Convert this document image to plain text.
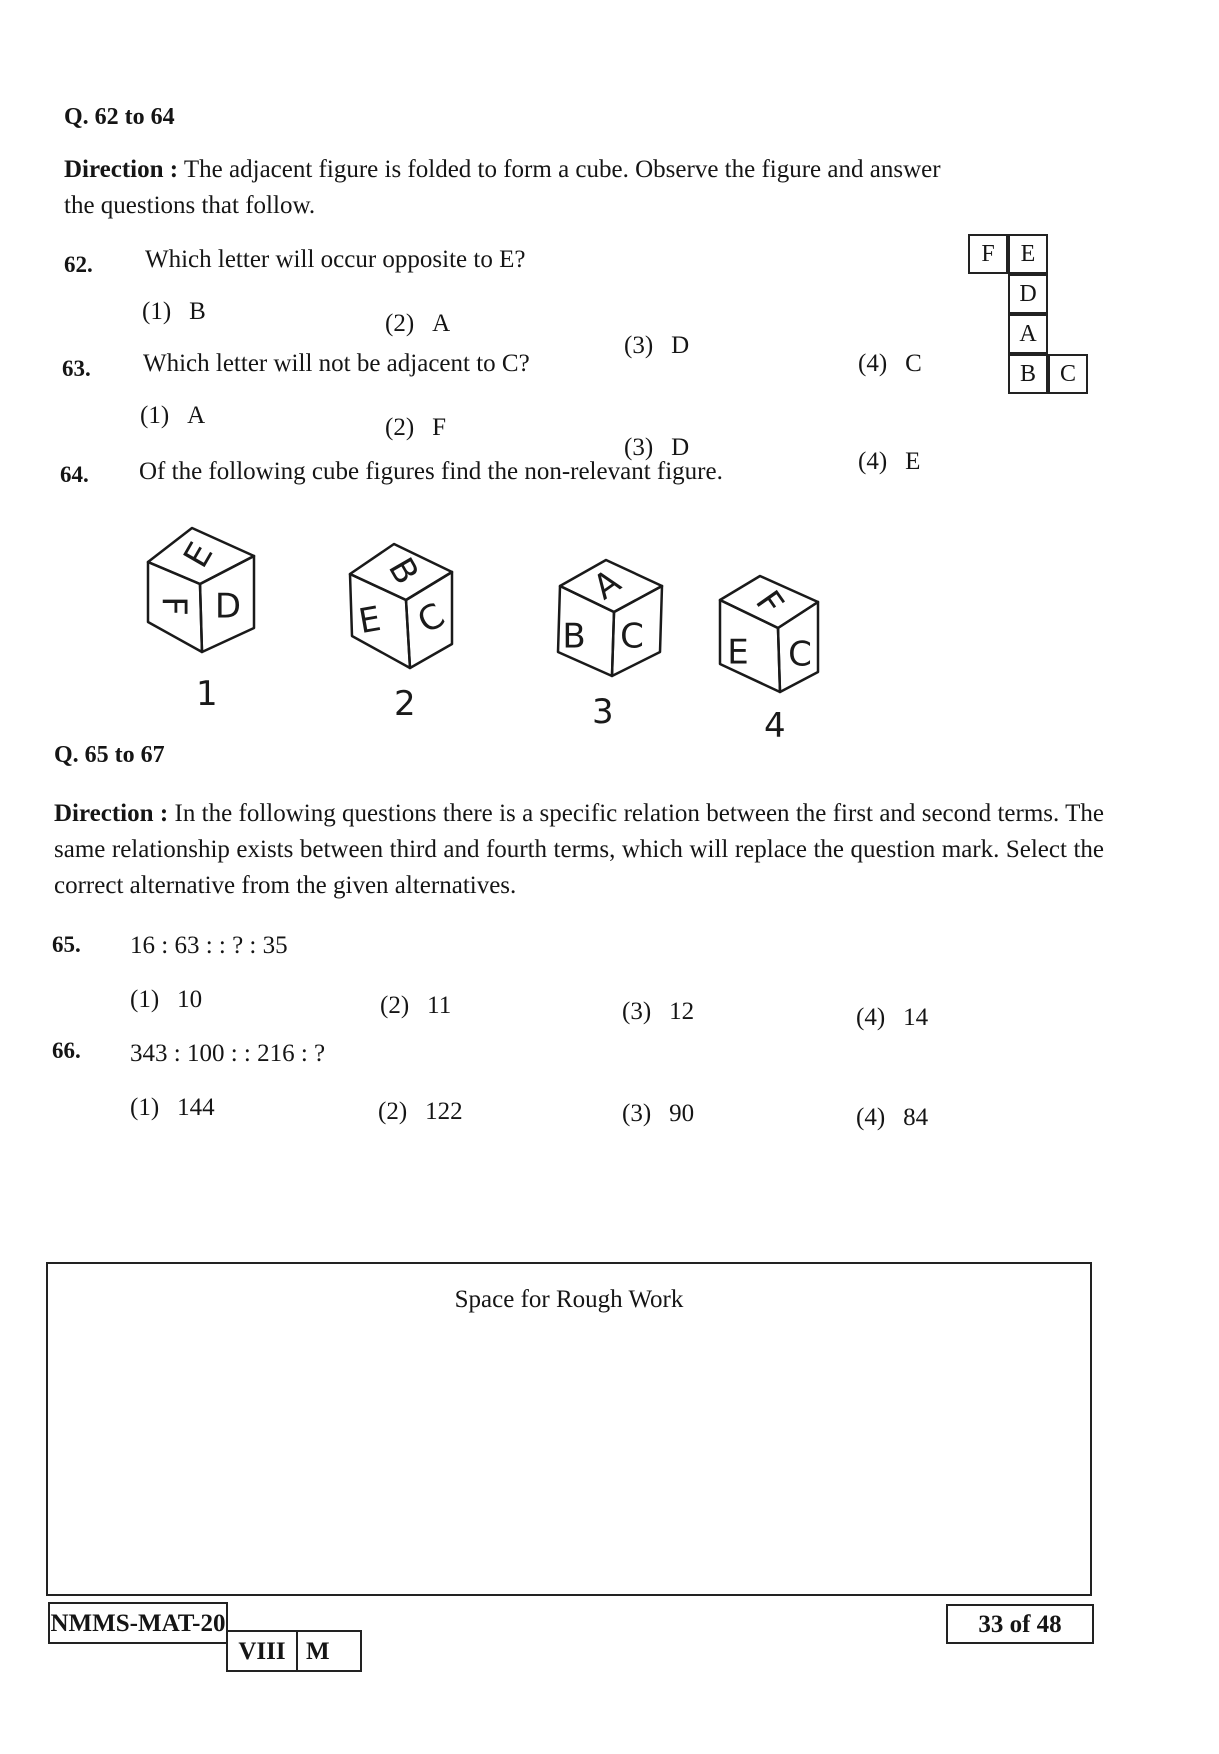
Q. 62 to 64
Direction : The adjacent figure is folded to form a cube. Observe the figure and answer the questions that follow.
F	E
D
A
B C
62. Which letter will occur opposite to E?
(1) B	(2) A
(3) D
(4) C
63. Which letter will not be adjacent to C?
(1) A	(2) F
(3) D
(4) E
64. Of the following cube figures find the non-relevant figure.
E
F D
B
E C
A
B C
F
E C
1	2	3	4
Q. 65 to 67
Direction : In the following questions there is a specific relation between the first and second terms. The same relationship exists between third and fourth terms, which will replace the question mark. Select the correct alternative from the given alternatives.
65. 16 : 63 : : ? : 35
(1) 10	(2) 11	(3) 12	(4) 14
66. 343 : 100 : : 216 : ?
(1) 144	(2) 122	(3) 90	(4) 84
Space for Rough Work
NMMS-MAT-20
VIII M
33 of 48
